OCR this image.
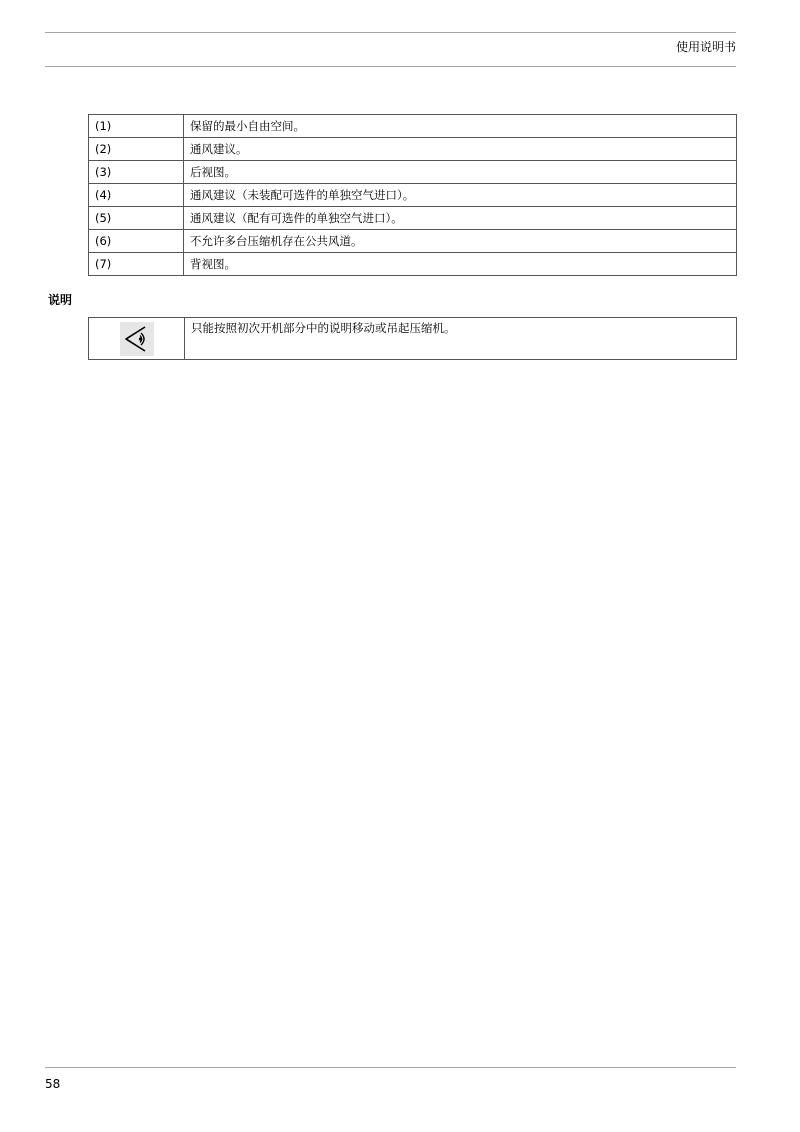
使用说明书
(1)	保留的最小自由空间。
(2)	通风建议。
(3)	后视图。
(4)	通风建议（未装配可选件的单独空气进口）。
(5)	通风建议（配有可选件的单独空气进口）。
(6)	不允许多台压缩机存在公共风道。
(7)	背视图。
说明
	只能按照初次开机部分中的说明移动或吊起压缩机。
58
